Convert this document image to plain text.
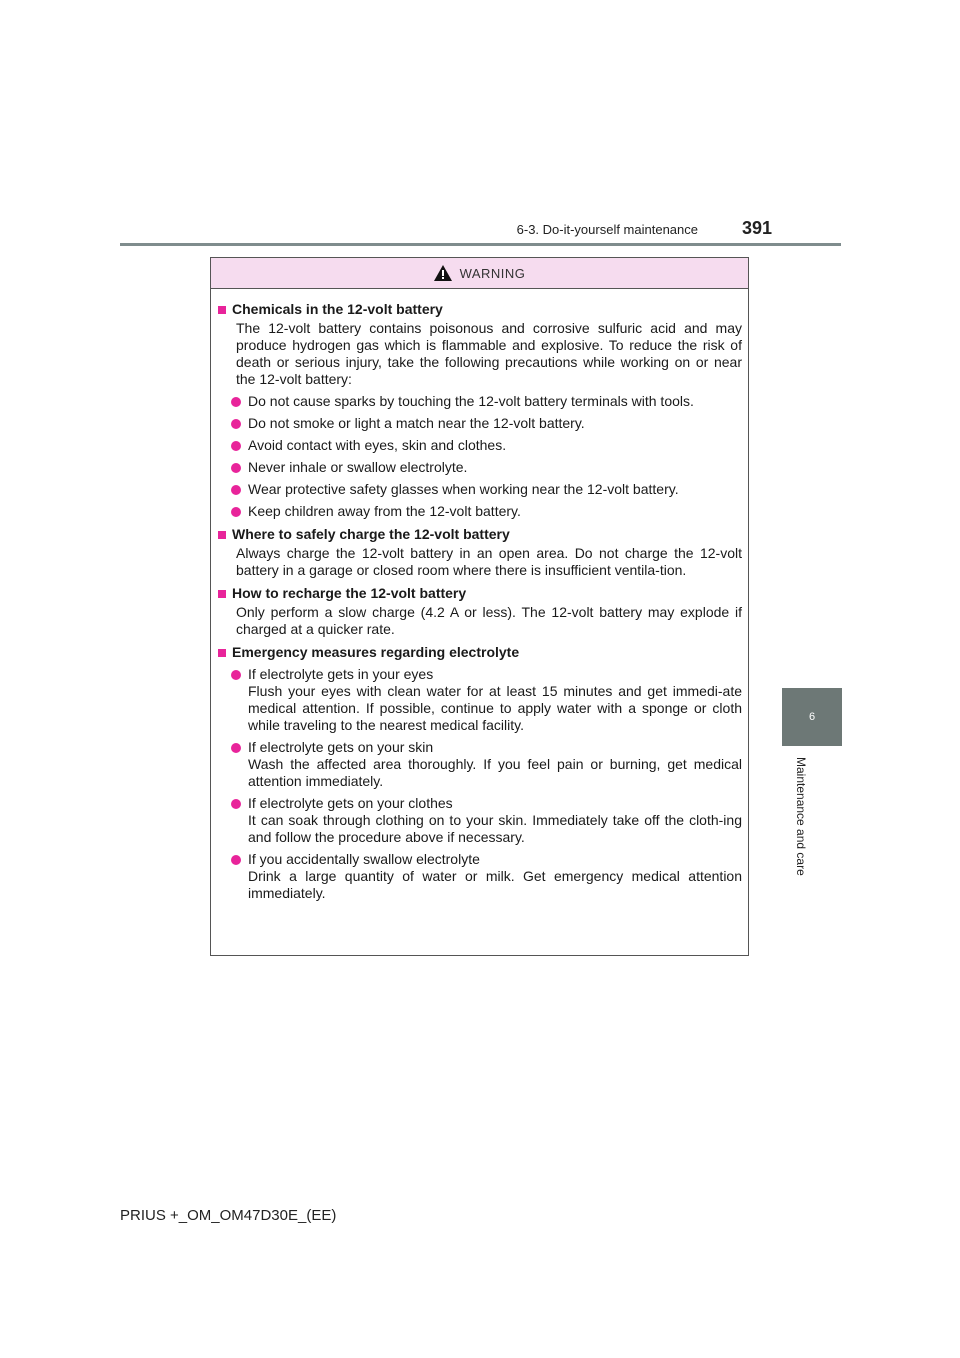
6-3. Do-it-yourself maintenance 391
6
Maintenance and care
WARNING
Chemicals in the 12-volt battery
The 12-volt battery contains poisonous and corrosive sulfuric acid and may produce hydrogen gas which is flammable and explosive. To reduce the risk of death or serious injury, take the following precautions while working on or near the 12-volt battery:
Do not cause sparks by touching the 12-volt battery terminals with tools.
Do not smoke or light a match near the 12-volt battery.
Avoid contact with eyes, skin and clothes.
Never inhale or swallow electrolyte.
Wear protective safety glasses when working near the 12-volt battery.
Keep children away from the 12-volt battery.
Where to safely charge the 12-volt battery
Always charge the 12-volt battery in an open area. Do not charge the 12-volt battery in a garage or closed room where there is insufficient ventila-tion.
How to recharge the 12-volt battery
Only perform a slow charge (4.2 A or less). The 12-volt battery may explode if charged at a quicker rate.
Emergency measures regarding electrolyte
If electrolyte gets in your eyes
Flush your eyes with clean water for at least 15 minutes and get immedi-ate medical attention. If possible, continue to apply water with a sponge or cloth while traveling to the nearest medical facility.
If electrolyte gets on your skin
Wash the affected area thoroughly. If you feel pain or burning, get medical attention immediately.
If electrolyte gets on your clothes
It can soak through clothing on to your skin. Immediately take off the cloth-ing and follow the procedure above if necessary.
If you accidentally swallow electrolyte
Drink a large quantity of water or milk. Get emergency medical attention immediately.
PRIUS +_OM_OM47D30E_(EE)
